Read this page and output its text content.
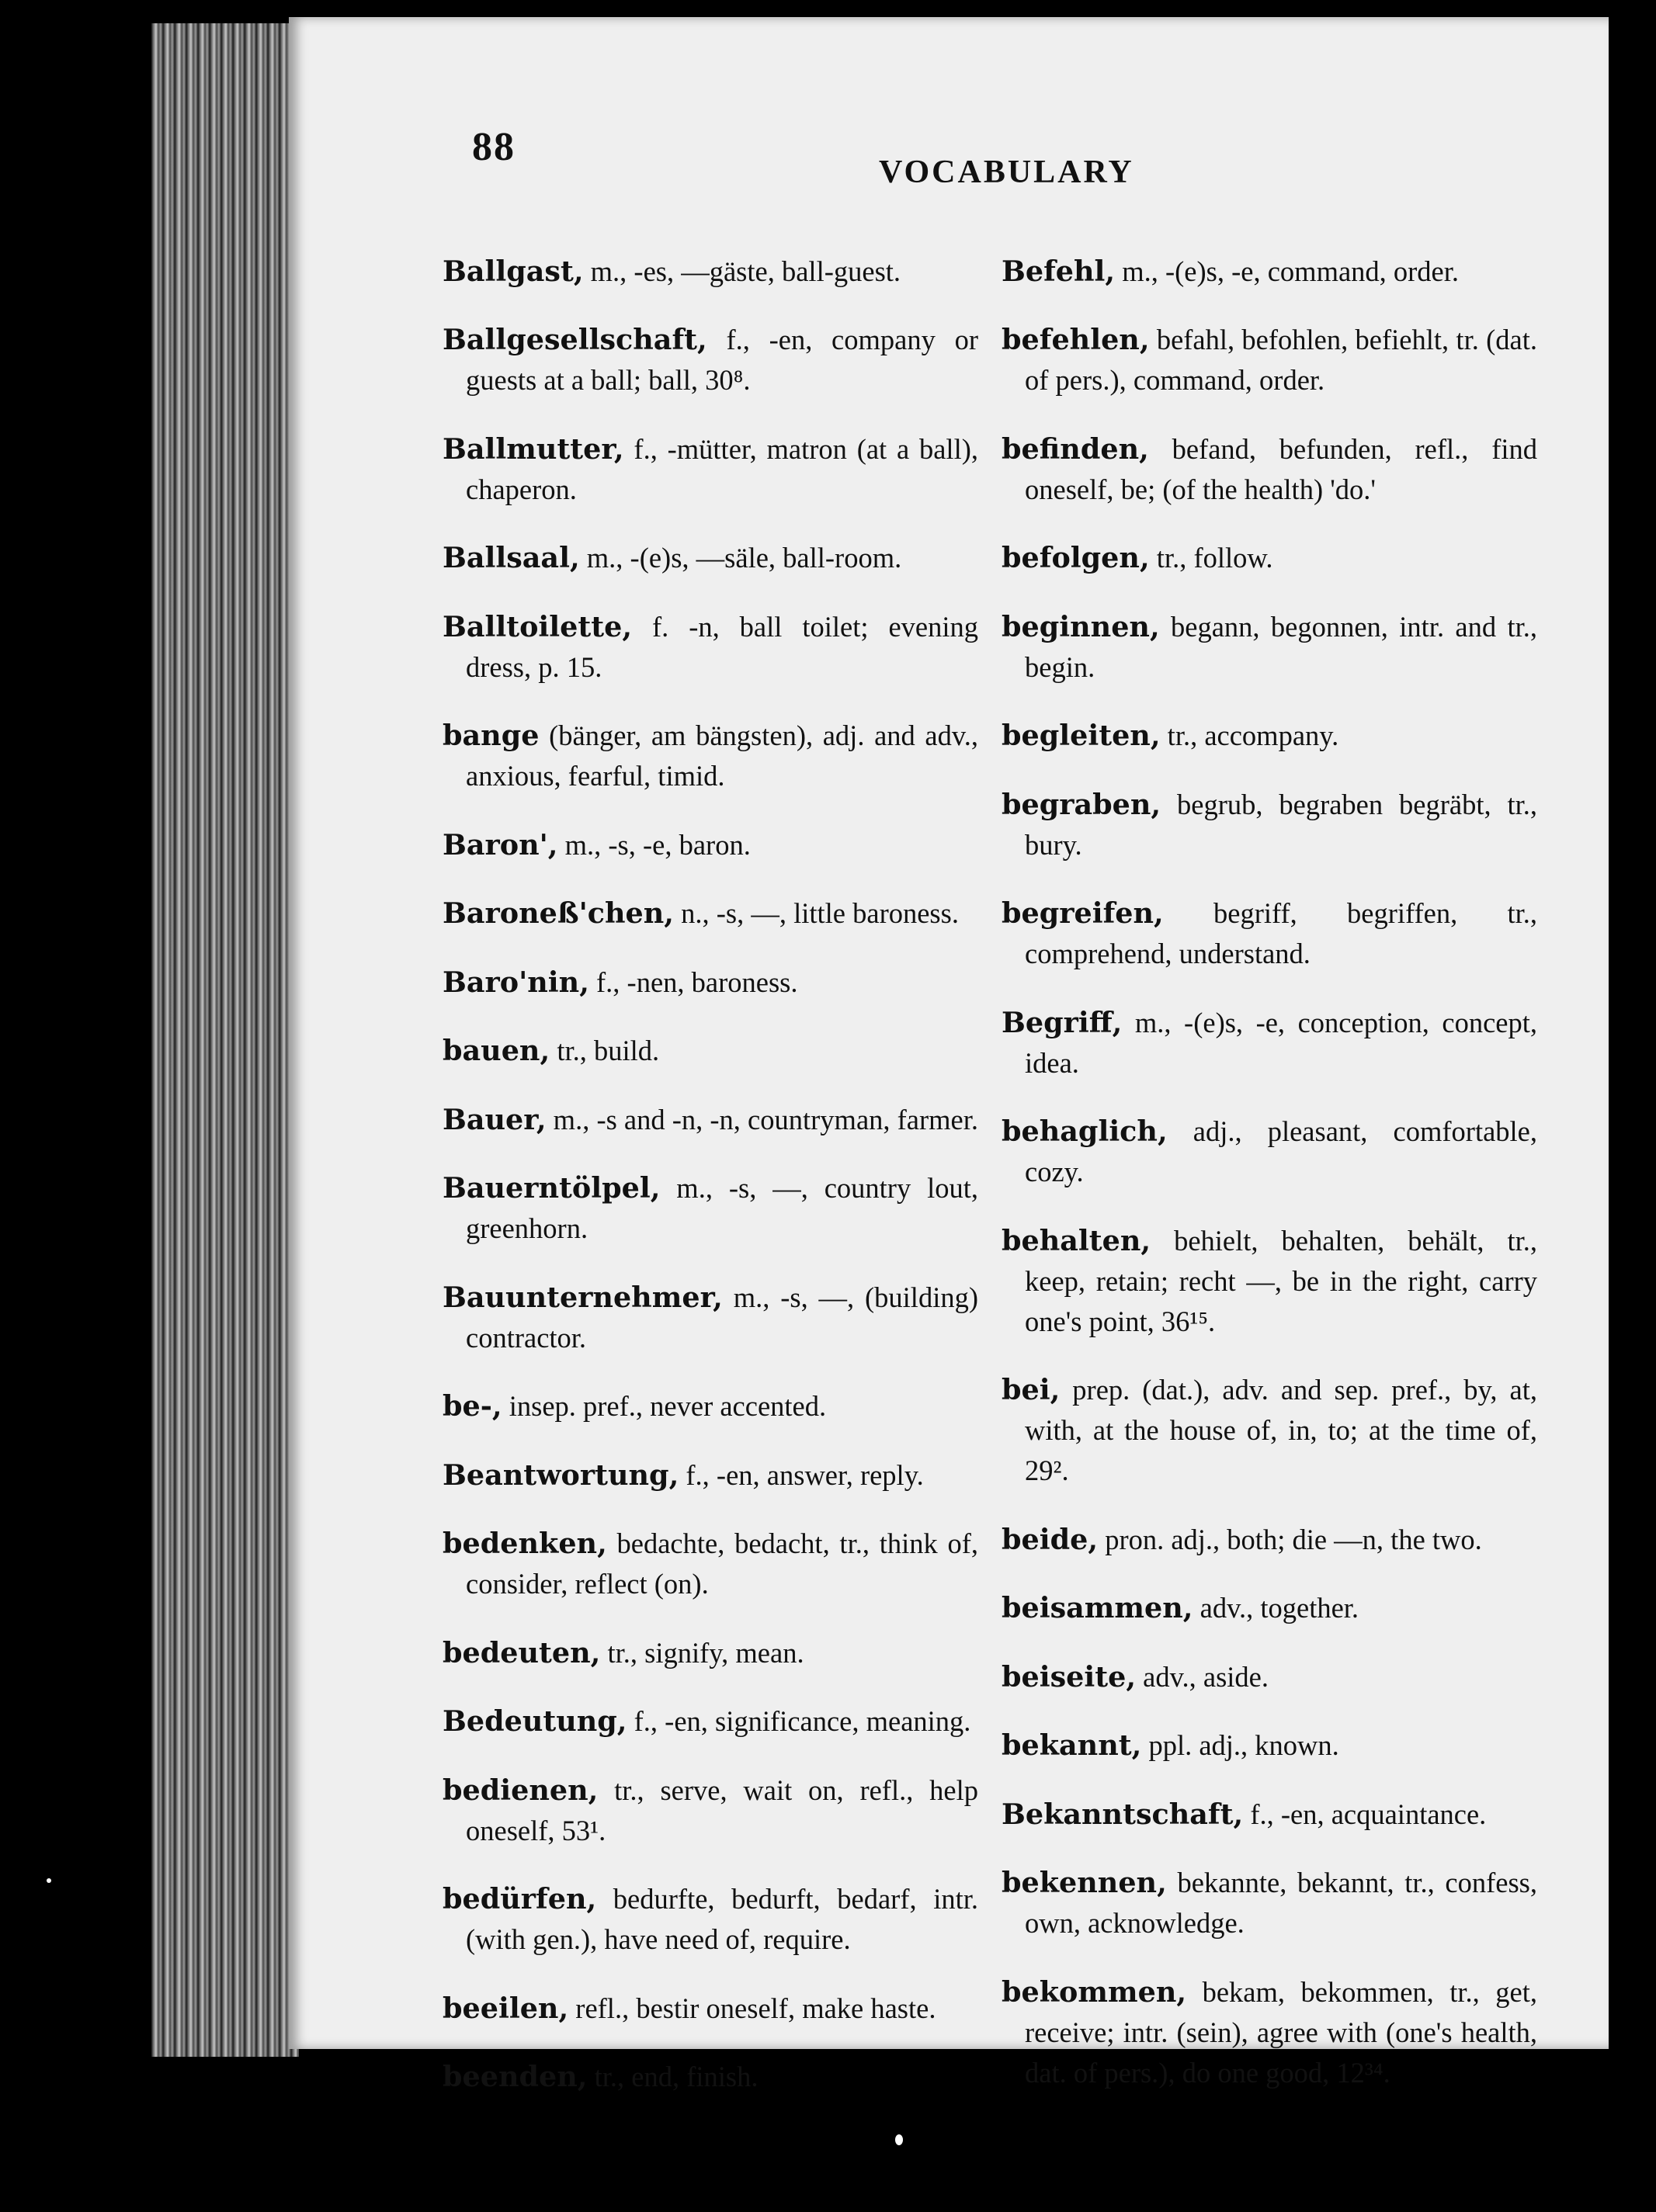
88
VOCABULARY

Ballgast, m., -es, —gäste, ball-guest.

Ballgesellschaft, f., -en, company or guests at a ball; ball, 30⁸.

Ballmutter, f., -mütter, matron (at a ball), chaperon.

Ballsaal, m., -(e)s, —säle, ball-room.

Balltoilette, f. -n, ball toilet; evening dress, p. 15.

bange (bänger, am bängsten), adj. and adv., anxious, fearful, timid.

Baron', m., -s, -e, baron.

Baroneß'chen, n., -s, —, little baroness.

Baro'nin, f., -nen, baroness.

bauen, tr., build.

Bauer, m., -s and -n, -n, countryman, farmer.

Bauerntölpel, m., -s, —, country lout, greenhorn.

Bauunternehmer, m., -s, —, (building) contractor.

be-, insep. pref., never accented.

Beantwortung, f., -en, answer, reply.

bedenken, bedachte, bedacht, tr., think of, consider, reflect (on).

bedeuten, tr., signify, mean.

Bedeutung, f., -en, significance, meaning.

bedienen, tr., serve, wait on, refl., help oneself, 53¹.

bedürfen, bedurfte, bedurft, bedarf, intr. (with gen.), have need of, require.

beeilen, refl., bestir oneself, make haste.

beenden, tr., end, finish.

Befehl, m., -(e)s, -e, command, order.

befehlen, befahl, befohlen, befiehlt, tr. (dat. of pers.), command, order.

befinden, befand, befunden, refl., find oneself, be; (of the health) 'do.'

befolgen, tr., follow.

beginnen, begann, begonnen, intr. and tr., begin.

begleiten, tr., accompany.

begraben, begrub, begraben begräbt, tr., bury.

begreifen, begriff, begriffen, tr., comprehend, understand.

Begriff, m., -(e)s, -e, conception, concept, idea.

behaglich, adj., pleasant, comfortable, cozy.

behalten, behielt, behalten, behält, tr., keep, retain; recht —, be in the right, carry one's point, 36¹⁵.

bei, prep. (dat.), adv. and sep. pref., by, at, with, at the house of, in, to; at the time of, 29².

beide, pron. adj., both; die —n, the two.

beisammen, adv., together.

beiseite, adv., aside.

bekannt, ppl. adj., known.

Bekanntschaft, f., -en, acquaintance.

bekennen, bekannte, bekannt, tr., confess, own, acknowledge.

bekommen, bekam, bekommen, tr., get, receive; intr. (sein), agree with (one's health, dat. of pers.), do one good, 12³⁴.
